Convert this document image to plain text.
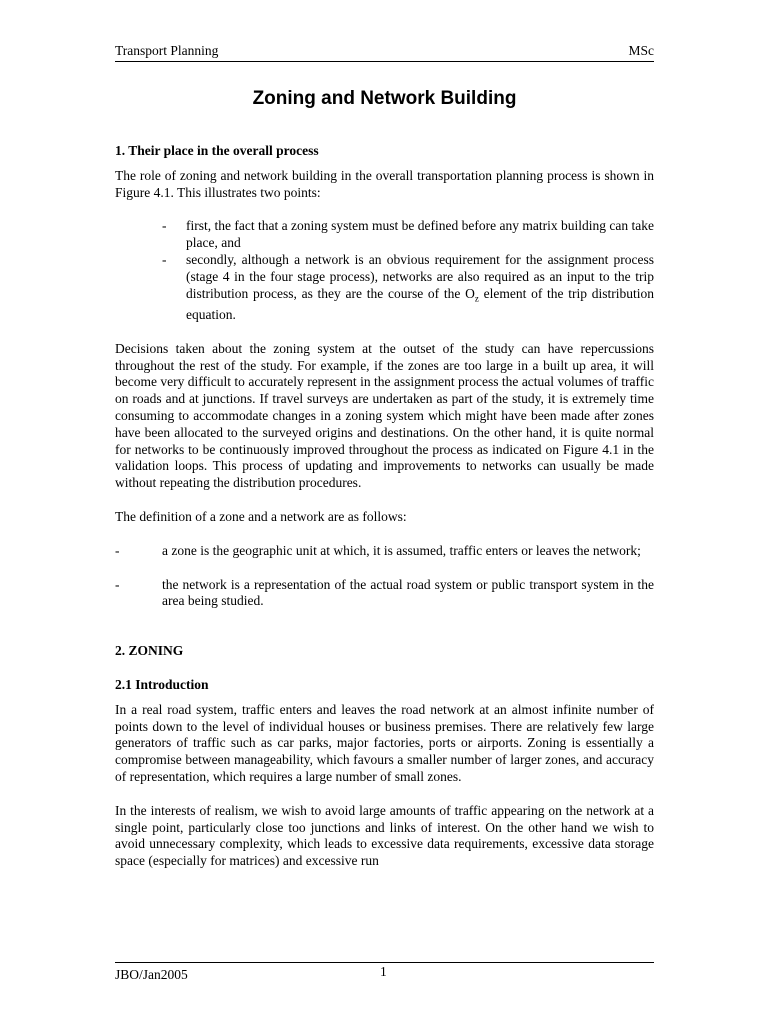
Transport Planning	MSc
Zoning and Network Building

1. Their place in the overall process

The role of zoning and network building in the overall transportation planning process is shown in Figure 4.1. This illustrates two points:

- first, the fact that a zoning system must be defined before any matrix building can take place, and
- secondly, although a network is an obvious requirement for the assignment process (stage 4 in the four stage process), networks are also required as an input to the trip distribution process, as they are the course of the $O_z$ element of the trip distribution equation.

Decisions taken about the zoning system at the outset of the study can have repercussions throughout the rest of the study. For example, if the zones are too large in a built up area, it will become very difficult to accurately represent in the assignment process the actual volumes of traffic on roads and at junctions. If travel surveys are undertaken as part of the study, it is extremely time consuming to accommodate changes in a zoning system which might have been made after zones have been allocated to the surveyed origins and destinations. On the other hand, it is quite normal for networks to be continuously improved throughout the process as indicated on Figure 4.1 in the validation loops. This process of updating and improvements to networks can usually be made without repeating the distribution procedures.

The definition of a zone and a network are as follows:

-	a zone is the geographic unit at which, it is assumed, traffic enters or leaves the network;
-	the network is a representation of the actual road system or public transport system in the area being studied.

2. ZONING

2.1 Introduction

In a real road system, traffic enters and leaves the road network at an almost infinite number of points down to the level of individual houses or business premises. There are relatively few large generators of traffic such as car parks, major factories, ports or airports. Zoning is essentially a compromise between manageability, which favours a smaller number of larger zones, and accuracy of representation, which requires a large number of small zones.

In the interests of realism, we wish to avoid large amounts of traffic appearing on the network at a single point, particularly close too junctions and links of interest. On the other hand we wish to avoid unnecessary complexity, which leads to excessive data requirements, excessive data storage space (especially for matrices) and excessive run

JBO/Jan2005	1
